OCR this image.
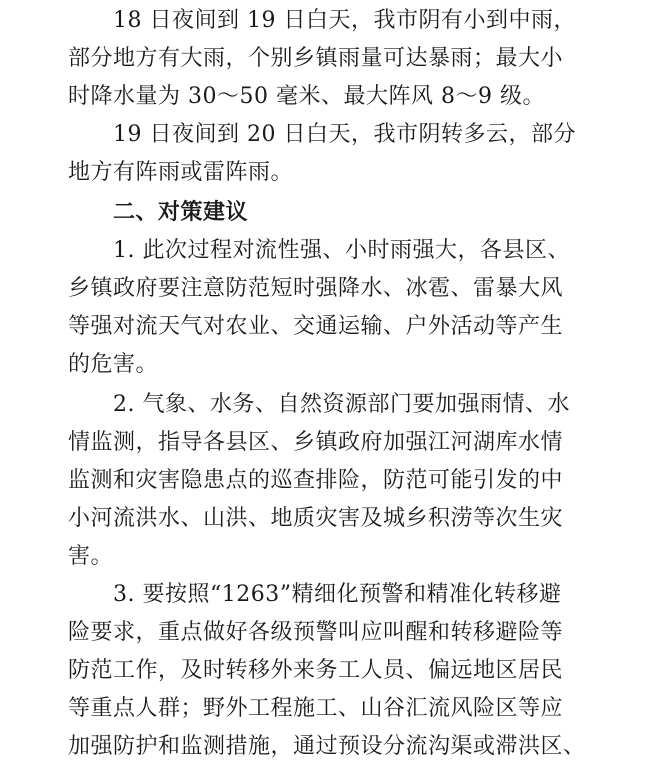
18 日夜间到 19 日白天，我市阴有小到中雨，
部分地方有大雨，个别乡镇雨量可达暴雨；最大小
时降水量为 30～50 毫米、最大阵风 8～9 级。
19 日夜间到 20 日白天，我市阴转多云，部分
地方有阵雨或雷阵雨。
二、对策建议
1. 此次过程对流性强、小时雨强大，各县区、
乡镇政府要注意防范短时强降水、冰雹、雷暴大风
等强对流天气对农业、交通运输、户外活动等产生
的危害。
2. 气象、水务、自然资源部门要加强雨情、水
情监测，指导各县区、乡镇政府加强江河湖库水情
监测和灾害隐患点的巡查排险，防范可能引发的中
小河流洪水、山洪、地质灾害及城乡积涝等次生灾
害。
3. 要按照“1263”精细化预警和精准化转移避
险要求，重点做好各级预警叫应叫醒和转移避险等
防范工作，及时转移外来务工人员、偏远地区居民
等重点人群；野外工程施工、山谷汇流风险区等应
加强防护和监测措施，通过预设分流沟渠或滞洪区、
